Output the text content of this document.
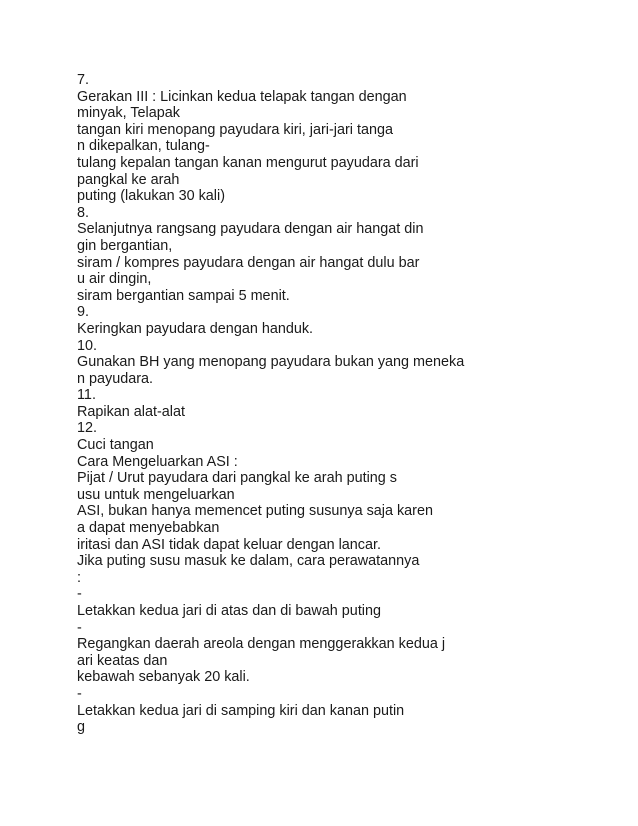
7.
Gerakan III : Licinkan kedua telapak tangan dengan
minyak, Telapak
tangan kiri menopang payudara kiri, jari-jari tanga
n dikepalkan, tulang-
tulang kepalan tangan kanan mengurut payudara dari
pangkal ke arah
puting (lakukan 30 kali)
8.
Selanjutnya rangsang payudara dengan air hangat din
gin bergantian,
siram / kompres payudara dengan air hangat dulu bar
u air dingin,
siram bergantian sampai 5 menit.
9.
Keringkan payudara dengan handuk.
10.
Gunakan BH yang menopang payudara bukan yang meneka
n payudara.
11.
Rapikan alat-alat
12.
Cuci tangan
Cara Mengeluarkan ASI :
Pijat / Urut payudara dari pangkal ke arah puting s
usu untuk mengeluarkan
ASI, bukan hanya memencet puting susunya saja karen
a dapat menyebabkan
iritasi dan ASI tidak dapat keluar dengan lancar.
Jika puting susu masuk ke dalam, cara perawatannya
:
-
Letakkan kedua jari di atas dan di bawah puting
-
Regangkan daerah areola dengan menggerakkan kedua j
ari keatas dan
kebawah sebanyak 20 kali.
-
Letakkan kedua jari di samping kiri dan kanan putin
g
